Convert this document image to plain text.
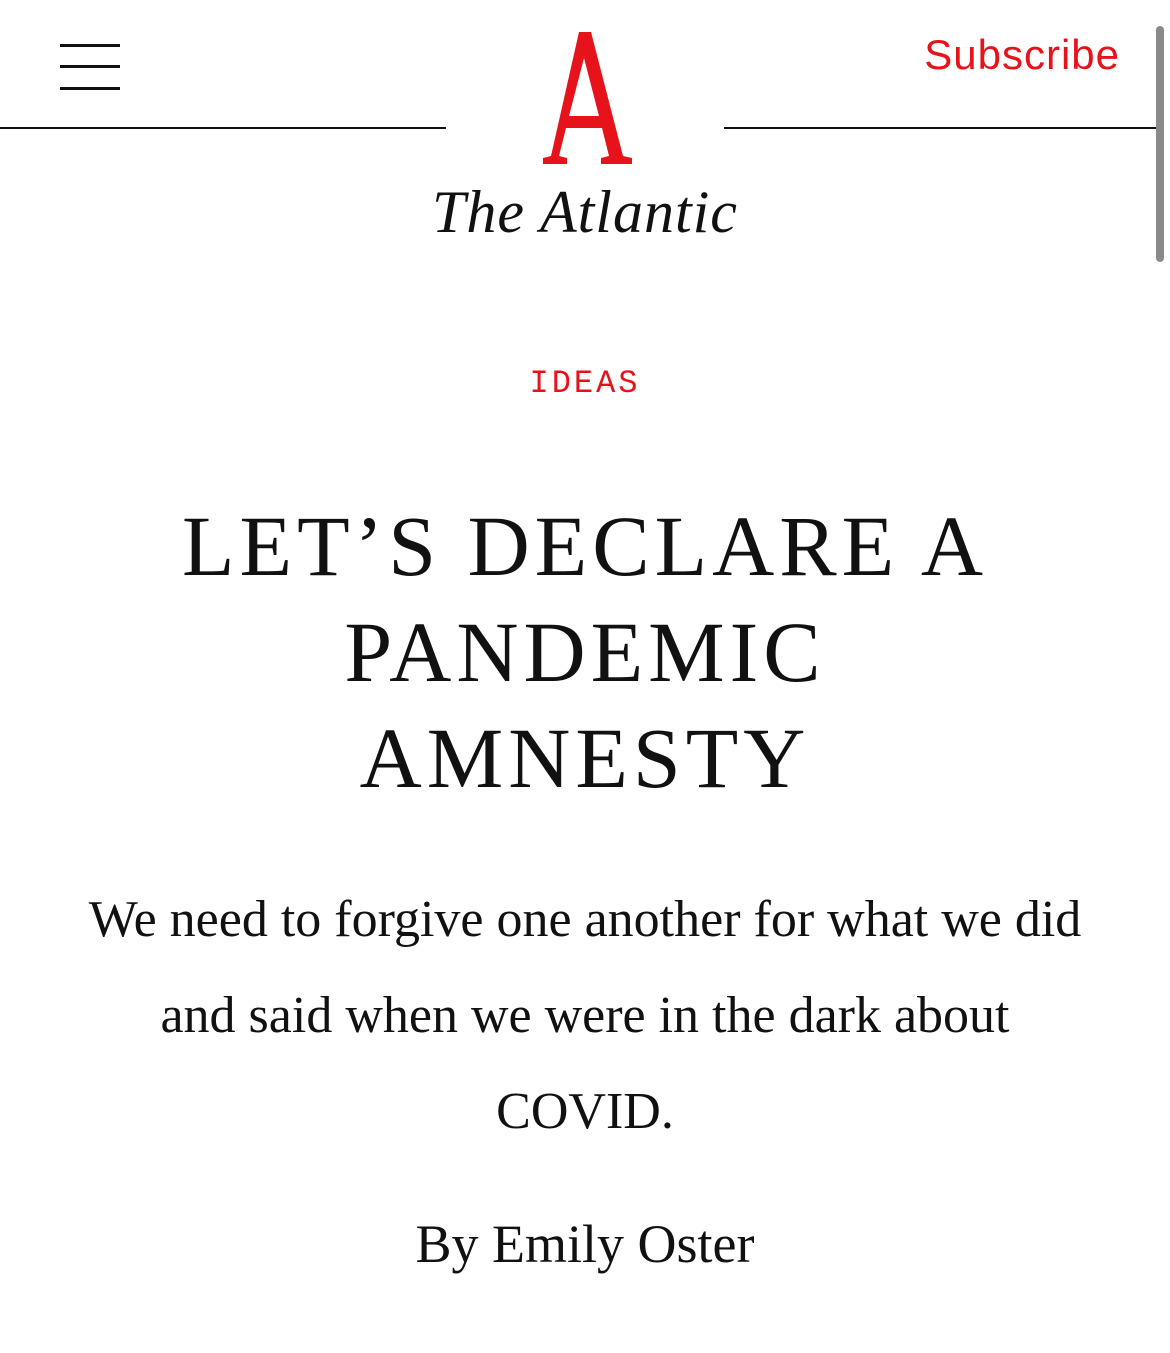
The Atlantic
Subscribe
IDEAS
LET’S DECLARE A
PANDEMIC
AMNESTY

We need to forgive one another for what we did and said when we were in the dark about COVID.

By Emily Oster
